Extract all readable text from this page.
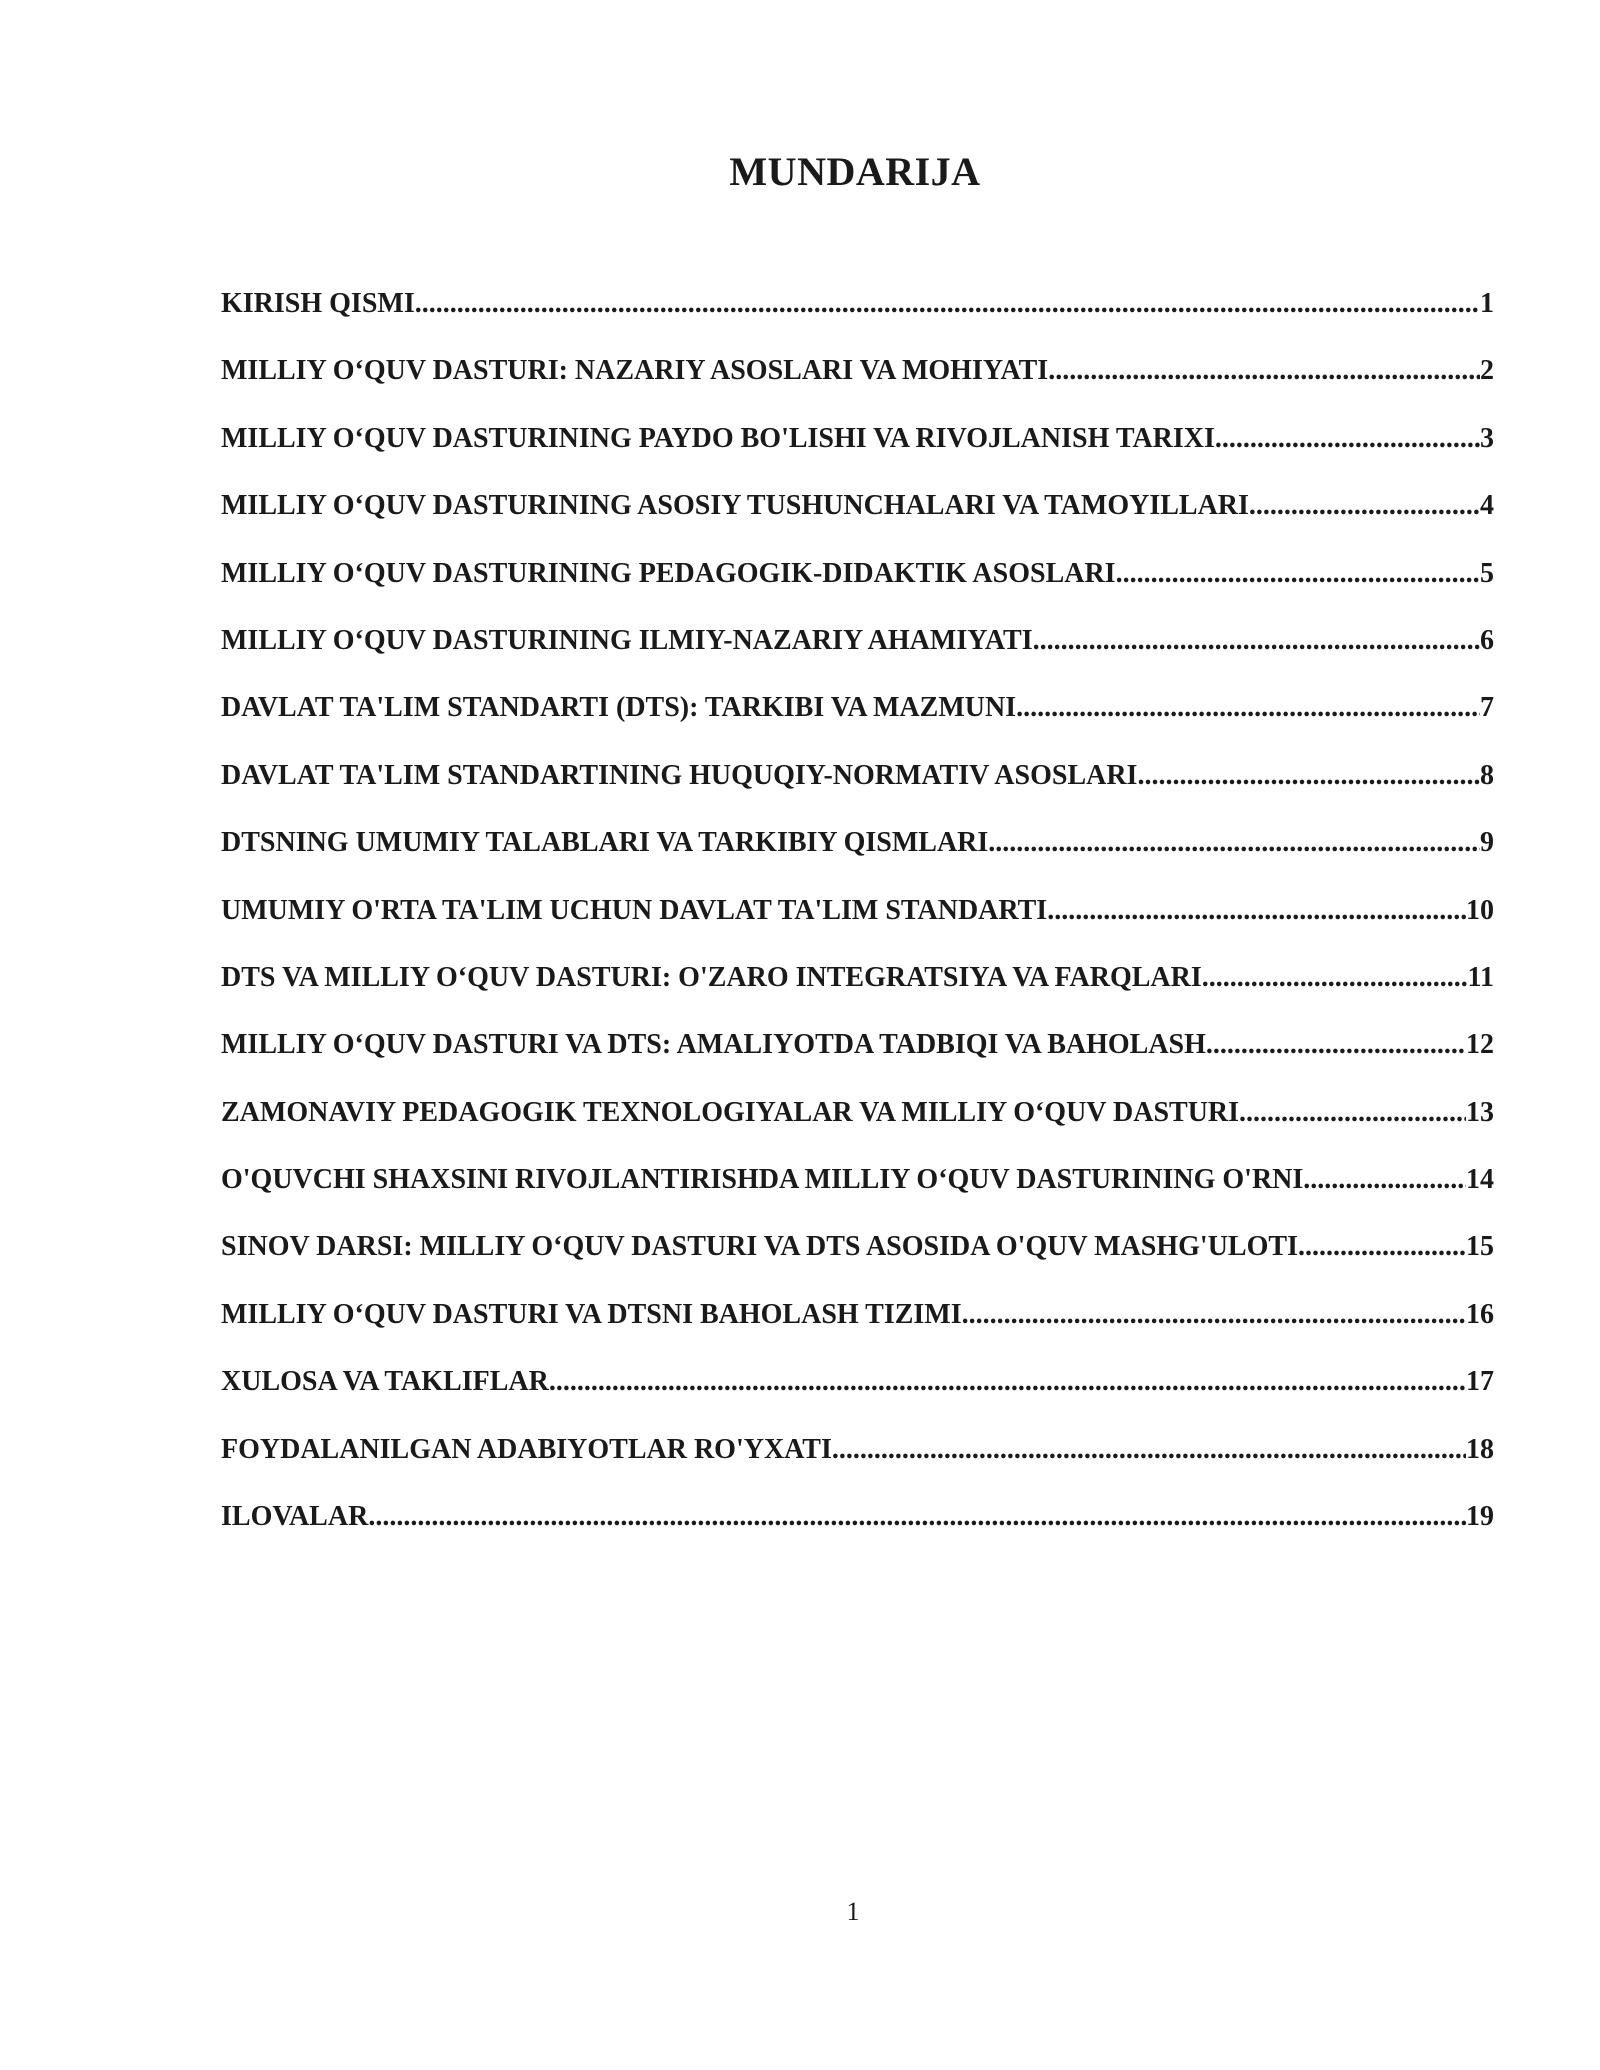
MUNDARIJA
KIRISH QISMI .....	1
MILLIY O‘QUV DASTURI: NAZARIY ASOSLARI VA MOHIYATI .....	2
MILLIY O‘QUV DASTURINING PAYDO BO'LISHI VA RIVOJLANISH TARIXI .....	3
MILLIY O‘QUV DASTURINING ASOSIY TUSHUNCHALARI VA TAMOYILLARI .....	4
MILLIY O‘QUV DASTURINING PEDAGOGIK-DIDAKTIK ASOSLARI .....	5
MILLIY O‘QUV DASTURINING ILMIY-NAZARIY AHAMIYATI .....	6
DAVLAT TA'LIM STANDARTI (DTS): TARKIBI VA MAZMUNI .....	7
DAVLAT TA'LIM STANDARTINING HUQUQIY-NORMATIV ASOSLARI .....	8
DTSNING UMUMIY TALABLARI VA TARKIBIY QISMLARI .....	9
UMUMIY O'RTA TA'LIM UCHUN DAVLAT TA'LIM STANDARTI .....	10
DTS VA MILLIY O‘QUV DASTURI: O'ZARO INTEGRATSIYA VA FARQLARI .....	11
MILLIY O‘QUV DASTURI VA DTS: AMALIYOTDA TADBIQI VA BAHOLASH .....	12
ZAMONAVIY PEDAGOGIK TEXNOLOGIYALAR VA MILLIY O‘QUV DASTURI .....	13
O'QUVCHI SHAXSINI RIVOJLANTIRISHDA MILLIY O‘QUV DASTURINING O'RNI .....	14
SINOV DARSI: MILLIY O‘QUV DASTURI VA DTS ASOSIDA O'QUV MASHG'ULOTI .....	15
MILLIY O‘QUV DASTURI VA DTSNI BAHOLASH TIZIMI .....	16
XULOSA VA TAKLIFLAR .....	17
FOYDALANILGAN ADABIYOTLAR RO'YXATI .....	18
ILOVALAR .....	19
1
